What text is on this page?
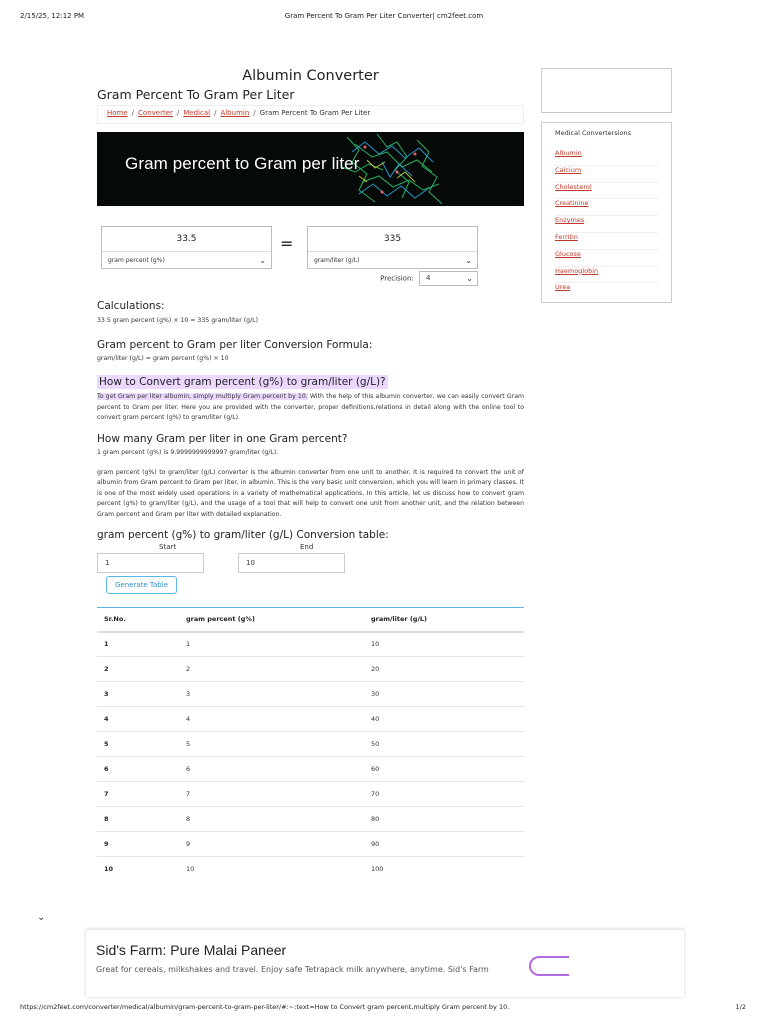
2/15/25, 12:12 PM	Gram Percent To Gram Per Liter Converter| cm2feet.com
Albumin Converter
Gram Percent To Gram Per Liter
Home / Converter / Medical / Albumin / Gram Percent To Gram Per Liter
Gram percent to Gram per liter
33.5
gram percent (g%)	⌄
=	335
gram/liter (g/L)	⌄
Precision: 4	⌄
Calculations:
33.5 gram percent (g%) × 10 = 335 gram/liter (g/L)
Gram percent to Gram per liter Conversion Formula:
gram/liter (g/L) = gram percent (g%) × 10
How to Convert gram percent (g%) to gram/liter (g/L)?
To get Gram per liter albumin, simply multiply Gram percent by 10. With the help of this albumin converter, we can easily convert Gram percent to Gram per liter. Here you are provided with the converter, proper definitions,relations in detail along with the online tool to convert gram percent (g%) to gram/liter (g/L).
How many Gram per liter in one Gram percent?
1 gram percent (g%) is 9.9999999999997 gram/liter (g/L).
gram percent (g%) to gram/liter (g/L) converter is the albumin converter from one unit to another. It is required to convert the unit of albumin from Gram percent to Gram per liter, in albumin. This is the very basic unit conversion, which you will learn in primary classes. It is one of the most widely used operations in a variety of mathematical applications. In this article, let us discuss how to convert gram percent (g%) to gram/liter (g/L), and the usage of a tool that will help to convert one unit from another unit, and the relation between Gram percent and Gram per liter with detailed explanation.
gram percent (g%) to gram/liter (g/L) Conversion table:
Start	End
1	10
Generate Table
Sr.No.	gram percent (g%)	gram/liter (g/L)
1	1	10
2	2	20
3	3	30
4	4	40
5	5	50
6	6	60
7	7	70
8	8	80
9	9	90
10	10	100
Medical Convertersions
Albumin
Calcium
Cholesterol
Creatinine
Enzymes
Ferritin
Glucose
Haemoglobin
Urea
⌄
Sid's Farm: Pure Malai Paneer
Great for cereals, milkshakes and travel. Enjoy safe Tetrapack milk anywhere, anytime. Sid's Farm
https://cm2feet.com/converter/medical/albumin/gram-percent-to-gram-per-liter/#:~:text=How to Convert gram percent,multiply Gram percent by 10.	1/2
